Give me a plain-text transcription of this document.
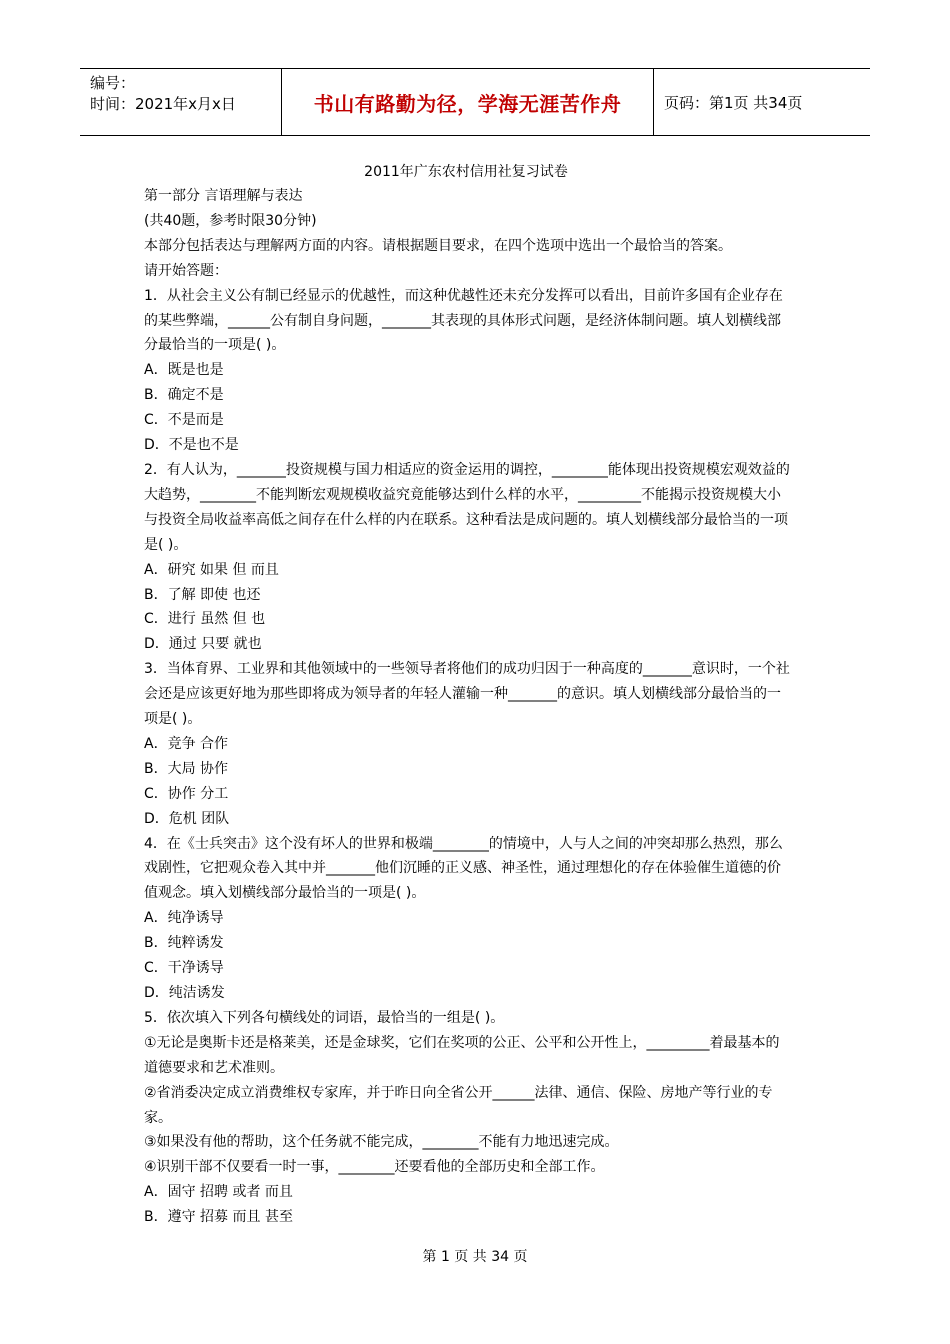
编号：
时间：2021年x月x日	书山有路勤为径，学海无涯苦作舟	页码：第1页 共34页
2011年广东农村信用社复习试卷
第一部分 言语理解与表达
(共40题，参考时限30分钟)
本部分包括表达与理解两方面的内容。请根据题目要求，在四个选项中选出一个最恰当的答案。
请开始答题：
1．从社会主义公有制已经显示的优越性，而这种优越性还未充分发挥可以看出，目前许多国有企业存在
的某些弊端，______公有制自身问题，_______其表现的具体形式问题，是经济体制问题。填人划横线部
分最恰当的一项是( )。
A．既是也是
B．确定不是
C．不是而是
D．不是也不是
2．有人认为，_______投资规模与国力相适应的资金运用的调控，________能体现出投资规模宏观效益的
大趋势，________不能判断宏观规模收益究竟能够达到什么样的水平，_________不能揭示投资规模大小
与投资全局收益率高低之间存在什么样的内在联系。这种看法是成问题的。填人划横线部分最恰当的一项
是( )。
A．研究 如果 但 而且
B．了解 即使 也还
C．进行 虽然 但 也
D．通过 只要 就也
3．当体育界、工业界和其他领域中的一些领导者将他们的成功归因于一种高度的_______意识时，一个社
会还是应该更好地为那些即将成为领导者的年轻人灌输一种_______的意识。填人划横线部分最恰当的一
项是( )。
A．竞争 合作
B．大局 协作
C．协作 分工
D．危机 团队
4．在《士兵突击》这个没有坏人的世界和极端________的情境中，人与人之间的冲突却那么热烈，那么
戏剧性，它把观众卷入其中并_______他们沉睡的正义感、神圣性，通过理想化的存在体验催生道德的价
值观念。填入划横线部分最恰当的一项是( )。
A．纯净诱导
B．纯粹诱发
C．干净诱导
D．纯洁诱发
5．依次填入下列各句横线处的词语，最恰当的一组是( )。
①无论是奥斯卡还是格莱美，还是金球奖，它们在奖项的公正、公平和公开性上，_________着最基本的
道德要求和艺术准则。
②省消委决定成立消费维权专家库，并于昨日向全省公开______法律、通信、保险、房地产等行业的专
家。
③如果没有他的帮助，这个任务就不能完成，________不能有力地迅速完成。
④识别干部不仅要看一时一事，________还要看他的全部历史和全部工作。
A．固守 招聘 或者 而且
B．遵守 招募 而且 甚至
第 1 页 共 34 页
